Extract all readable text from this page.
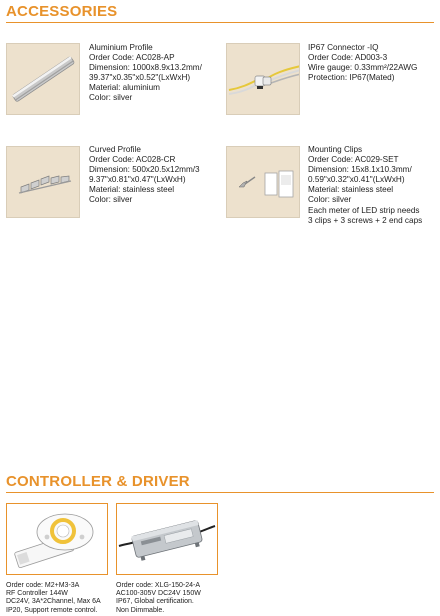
ACCESSORIES
Aluminium Profile
Order Code: AC028-AP
Dimension: 1000x8.9x13.2mm/
39.37"x0.35"x0.52"(LxWxH)
Material: aluminium
Color: silver
IP67 Connector -IQ
Order Code: AD003-3
Wire gauge: 0.33mm²/22AWG
Protection: IP67(Mated)
Curved Profile
Order Code: AC028-CR
Dimension: 500x20.5x12mm/3
9.37"x0.81"x0.47"(LxWxH)
Material: stainless steel
Color: silver
Mounting Clips
Order Code: AC029-SET
Dimension: 15x8.1x10.3mm/
0.59"x0.32"x0.41"(LxWxH)
Material: stainless steel
Color: silver
Each meter of LED strip needs
3 clips + 3 screws + 2 end caps
CONTROLLER & DRIVER
Order code: M2+M3-3A
RF Controller 144W
DC24V, 3A*2Channel, Max 6A
IP20, Support remote control.
Order code: XLG-150-24-A
AC100-305V DC24V 150W
IP67, Global certification.
Non Dimmable.
